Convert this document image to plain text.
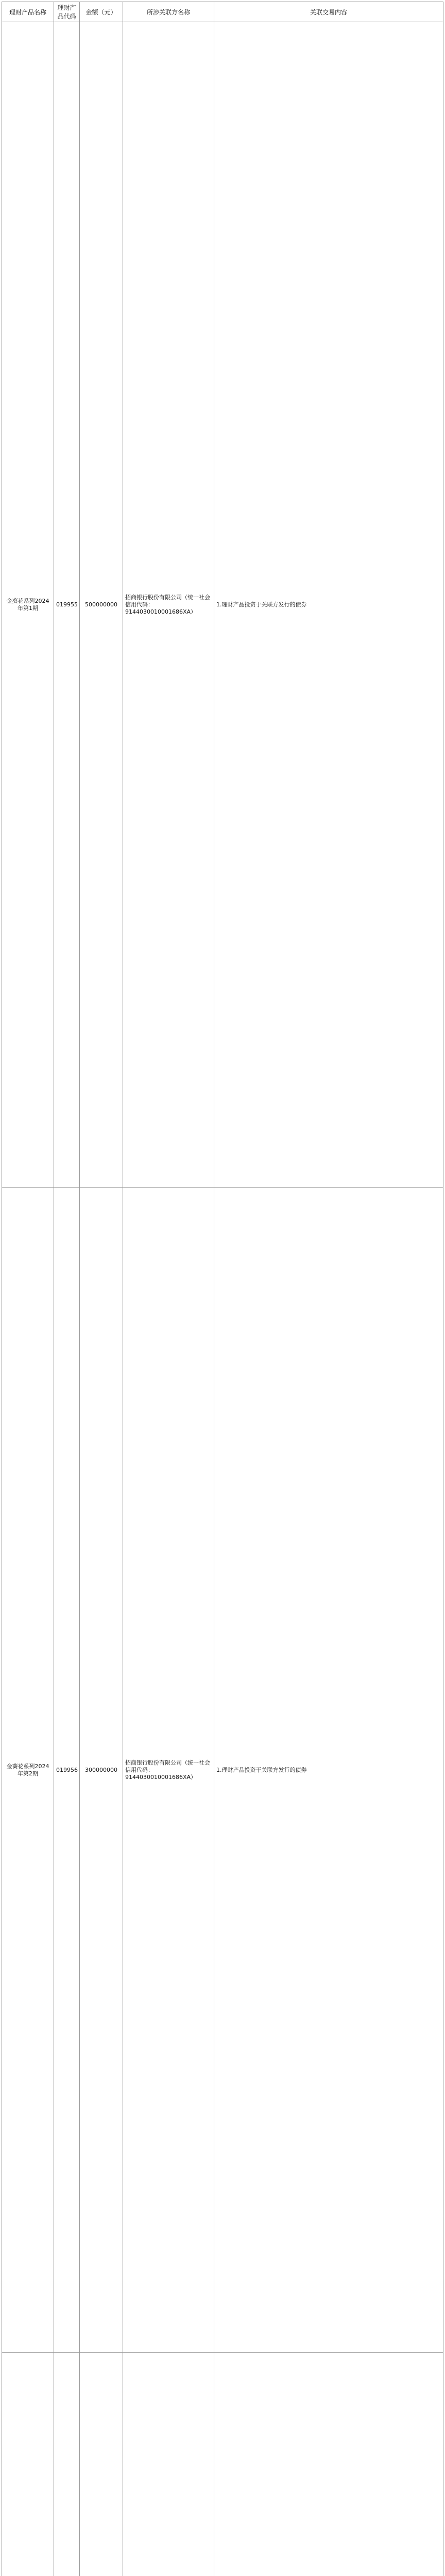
理财产品名称	理财产品代码	金额（元）	所涉关联方名称	关联交易内容
金葵花系列2024年第1期	019955	500000000	招商银行股份有限公司（统一社会信用代码：9144030010001686XA）	1.理财产品投资于关联方发行的债券
金葵花系列2024年第2期	019956	300000000	招商银行股份有限公司（统一社会信用代码：9144030010001686XA）	1.理财产品投资于关联方发行的债券
